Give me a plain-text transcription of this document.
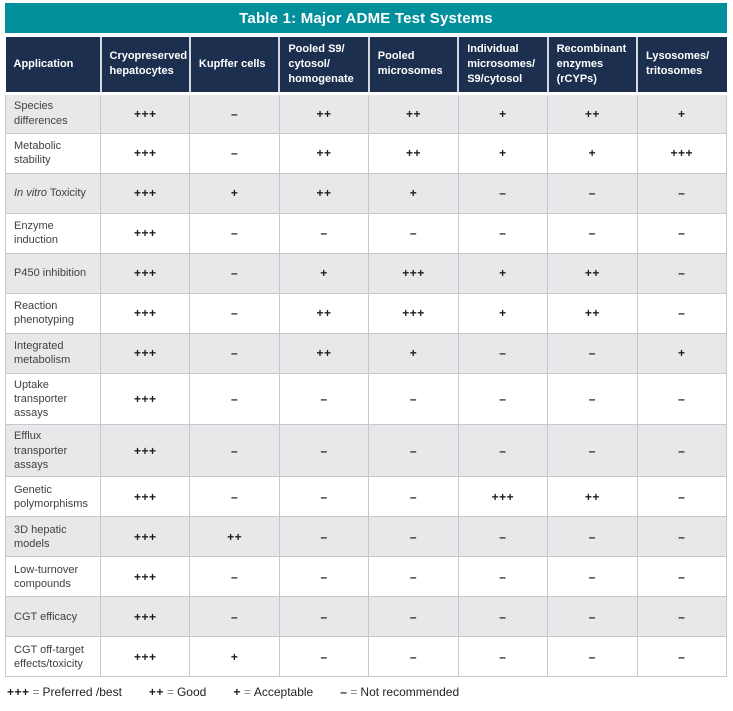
Table 1: Major ADME Test Systems
Application	Cryopreserved
hepatocytes	Kupffer cells	Pooled S9/
cytosol/
homogenate	Pooled
microsomes	Individual
microsomes/
S9/cytosol	Recombinant
enzymes
(rCYPs)	Lysosomes/
tritosomes

Species differences	+++	–	++	++	+	++	+
Metabolic stability	+++	–	++	++	+	+	+++
In vitro Toxicity	+++	+	++	+	–	–	–
Enzyme induction	+++	–	–	–	–	–	–
P450 inhibition	+++	–	+	+++	+	++	–
Reaction phenotyping	+++	–	++	+++	+	++	–
Integrated metabolism	+++	–	++	+	–	–	+
Uptake transporter assays	+++	–	–	–	–	–	–
Efflux transporter assays	+++	–	–	–	–	–	–
Genetic polymorphisms	+++	–	–	–	+++	++	–
3D hepatic models	+++	++	–	–	–	–	–
Low-turnover compounds	+++	–	–	–	–	–	–
CGT efficacy	+++	–	–	–	–	–	–
CGT off-target effects/toxicity	+++	+	–	–	–	–	–
+++ = Preferred /best ++ = Good + = Acceptable – = Not recommended
